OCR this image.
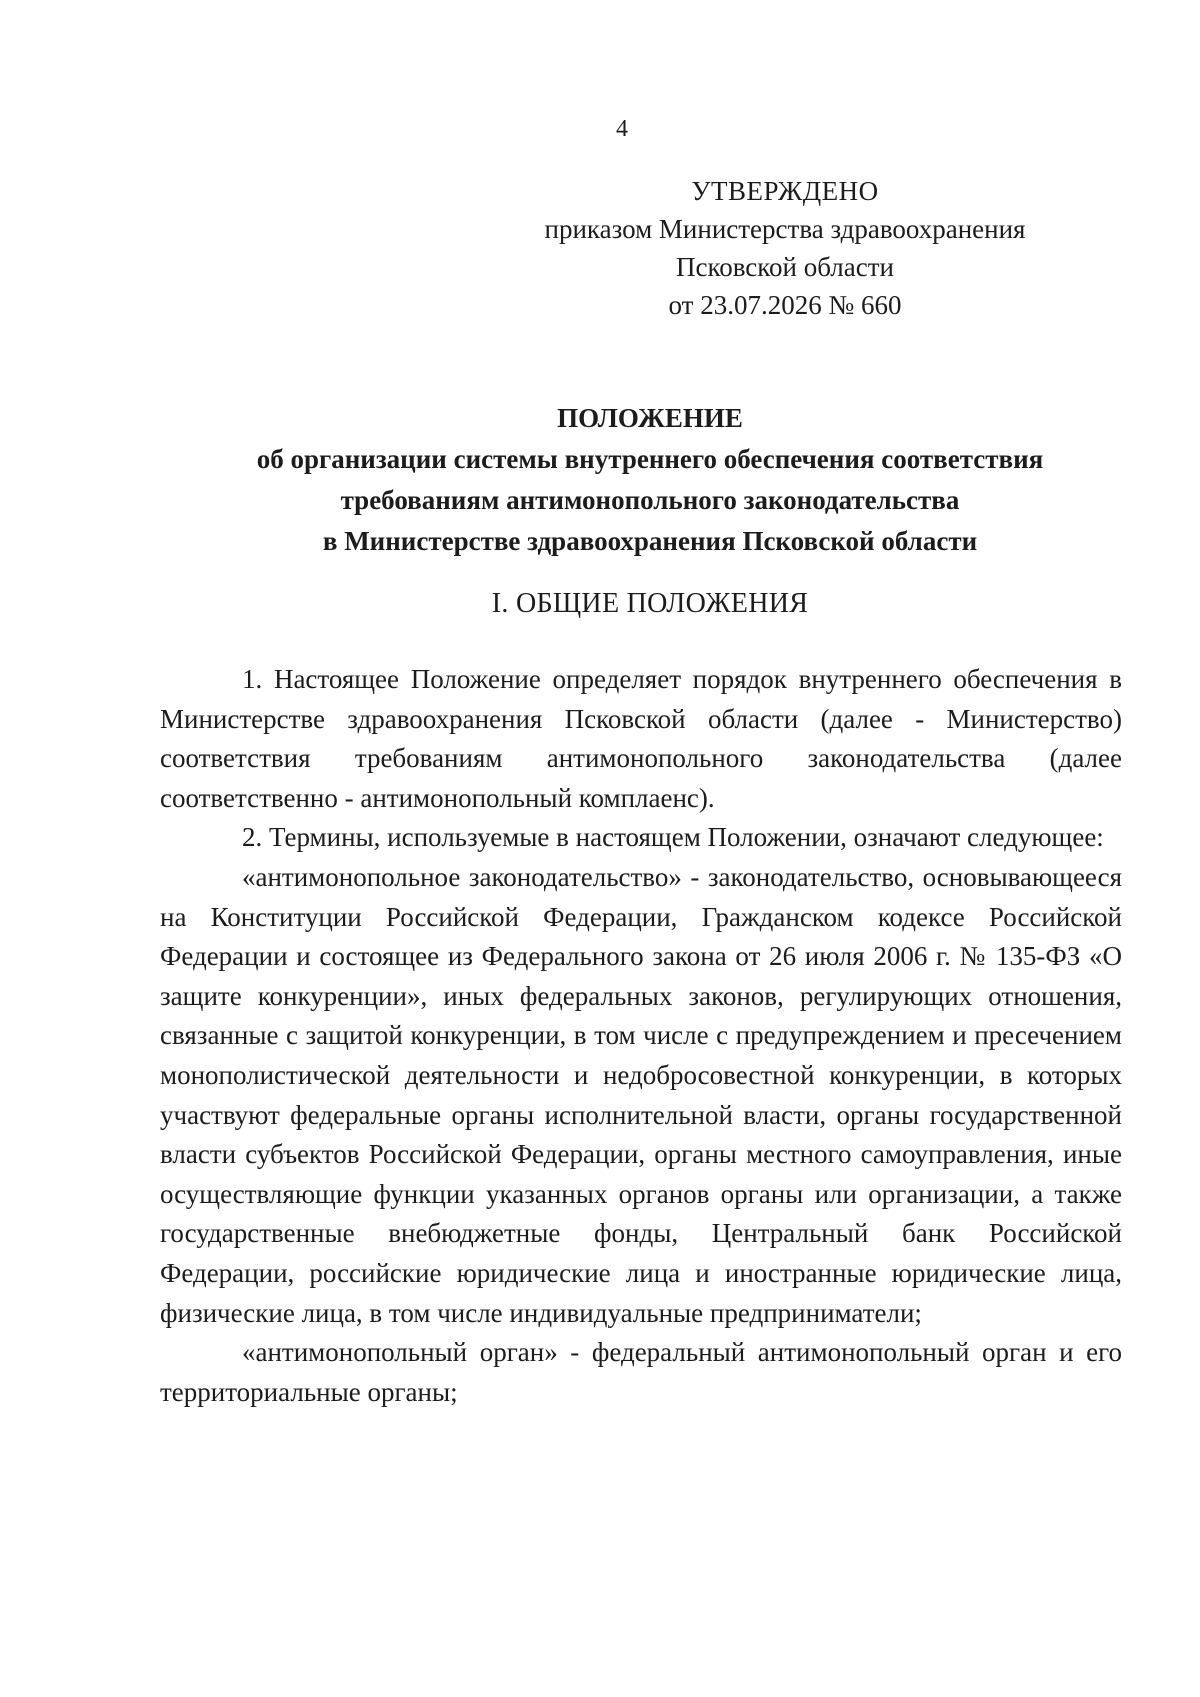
4
УТВЕРЖДЕНО
приказом Министерства здравоохранения
Псковской области
от 23.07.2026 № 660
ПОЛОЖЕНИЕ
об организации системы внутреннего обеспечения соответствия
требованиям антимонопольного законодательства
в Министерстве здравоохранения Псковской области
I. ОБЩИЕ ПОЛОЖЕНИЯ

1. Настоящее Положение определяет порядок внутреннего обеспечения в Министерстве здравоохранения Псковской области (далее - Министерство) соответствия требованиям антимонопольного законодательства (далее соответственно - антимонопольный комплаенс).

2. Термины, используемые в настоящем Положении, означают следующее:

«антимонопольное законодательство» - законодательство, основывающееся на Конституции Российской Федерации, Гражданском кодексе Российской Федерации и состоящее из Федерального закона от 26 июля 2006 г. № 135-ФЗ «О защите конкуренции», иных федеральных законов, регулирующих отношения, связанные с защитой конкуренции, в том числе с предупреждением и пресечением монополистической деятельности и недобросовестной конкуренции, в которых участвуют федеральные органы исполнительной власти, органы государственной власти субъектов Российской Федерации, органы местного самоуправления, иные осуществляющие функции указанных органов органы или организации, а также государственные внебюджетные фонды, Центральный банк Российской Федерации, российские юридические лица и иностранные юридические лица, физические лица, в том числе индивидуальные предприниматели;

«антимонопольный орган» - федеральный антимонопольный орган и его территориальные органы;
